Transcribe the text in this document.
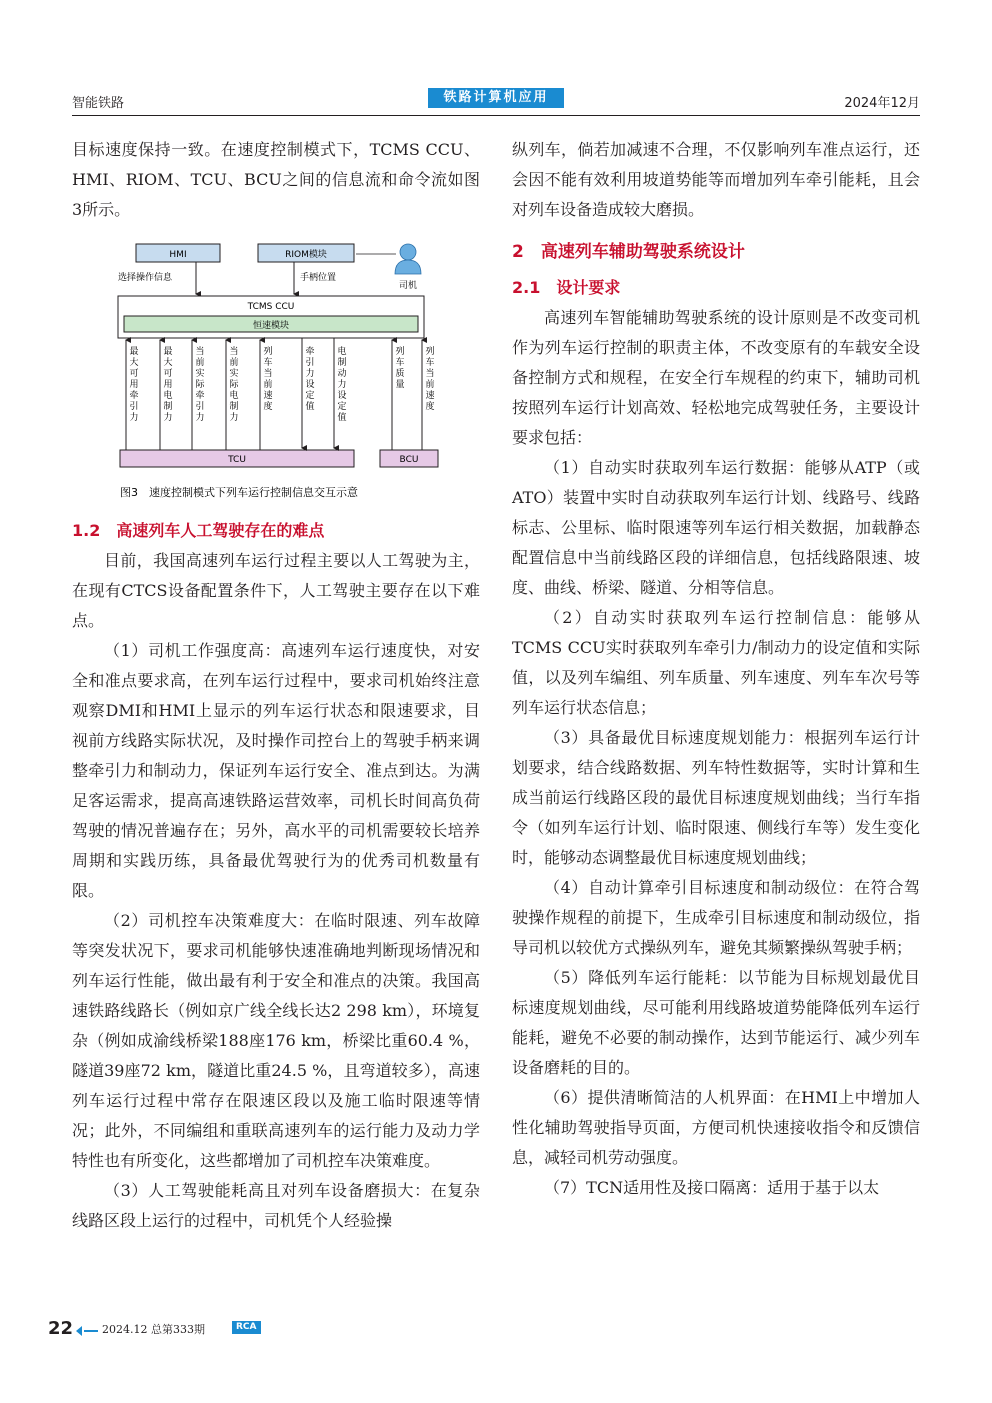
智能铁路	铁路计算机应用	2024年12月

目标速度保持一致。在速度控制模式下，TCMS CCU、HMI、RIOM、TCU、BCU之间的信息流和命令流如图3所示。

HMI	RIOM模块
司机
选择操作信息	手柄位置
TCMS CCU
恒速模块
TCU	BCU
最
大
可
用
牵
引
力
最
大
可
用
电
制
力
当
前
实
际
牵
引
力
当
前
实
际
电
制
力
列
车
当
前
速
度
牵
引
力
设
定
值
电
制
动
力
设
定
值
列
车
质
量
列
车
当
前
速
度
图3　速度控制模式下列车运行控制信息交互示意

1.2　高速列车人工驾驶存在的难点

目前，我国高速列车运行过程主要以人工驾驶为主，在现有CTCS设备配置条件下，人工驾驶主要存在以下难点。

（1）司机工作强度高：高速列车运行速度快，对安全和准点要求高，在列车运行过程中，要求司机始终注意观察DMI和HMI上显示的列车运行状态和限速要求，目视前方线路实际状况，及时操作司控台上的驾驶手柄来调整牵引力和制动力，保证列车运行安全、准点到达。为满足客运需求，提高高速铁路运营效率，司机长时间高负荷驾驶的情况普遍存在；另外，高水平的司机需要较长培养周期和实践历练，具备最优驾驶行为的优秀司机数量有限。

（2）司机控车决策难度大：在临时限速、列车故障等突发状况下，要求司机能够快速准确地判断现场情况和列车运行性能，做出最有利于安全和准点的决策。我国高速铁路线路长（例如京广线全线长达2 298 km），环境复杂（例如成渝线桥梁188座176 km，桥梁比重60.4 %，隧道39座72 km，隧道比重24.5 %，且弯道较多），高速列车运行过程中常存在限速区段以及施工临时限速等情况；此外，不同编组和重联高速列车的运行能力及动力学特性也有所变化，这些都增加了司机控车决策难度。

（3）人工驾驶能耗高且对列车设备磨损大：在复杂线路区段上运行的过程中，司机凭个人经验操

纵列车，倘若加减速不合理，不仅影响列车准点运行，还会因不能有效利用坡道势能等而增加列车牵引能耗，且会对列车设备造成较大磨损。

2　高速列车辅助驾驶系统设计

2.1　设计要求

高速列车智能辅助驾驶系统的设计原则是不改变司机作为列车运行控制的职责主体，不改变原有的车载安全设备控制方式和规程，在安全行车规程的约束下，辅助司机按照列车运行计划高效、轻松地完成驾驶任务，主要设计要求包括：

（1）自动实时获取列车运行数据：能够从ATP（或ATO）装置中实时自动获取列车运行计划、线路号、线路标志、公里标、临时限速等列车运行相关数据，加载静态配置信息中当前线路区段的详细信息，包括线路限速、坡度、曲线、桥梁、隧道、分相等信息。

（2）自动实时获取列车运行控制信息：能够从TCMS CCU实时获取列车牵引力/制动力的设定值和实际值，以及列车编组、列车质量、列车速度、列车车次号等列车运行状态信息；

（3）具备最优目标速度规划能力：根据列车运行计划要求，结合线路数据、列车特性数据等，实时计算和生成当前运行线路区段的最优目标速度规划曲线；当行车指令（如列车运行计划、临时限速、侧线行车等）发生变化时，能够动态调整最优目标速度规划曲线；

（4）自动计算牵引目标速度和制动级位：在符合驾驶操作规程的前提下，生成牵引目标速度和制动级位，指导司机以较优方式操纵列车，避免其频繁操纵驾驶手柄；

（5）降低列车运行能耗：以节能为目标规划最优目标速度规划曲线，尽可能利用线路坡道势能降低列车运行能耗，避免不必要的制动操作，达到节能运行、减少列车设备磨耗的目的。

（6）提供清晰简洁的人机界面：在HMI上中增加人性化辅助驾驶指导页面，方便司机快速接收指令和反馈信息，减轻司机劳动强度。

（7）TCN适用性及接口隔离：适用于基于以太

22	2024.12 总第333期	RCA
